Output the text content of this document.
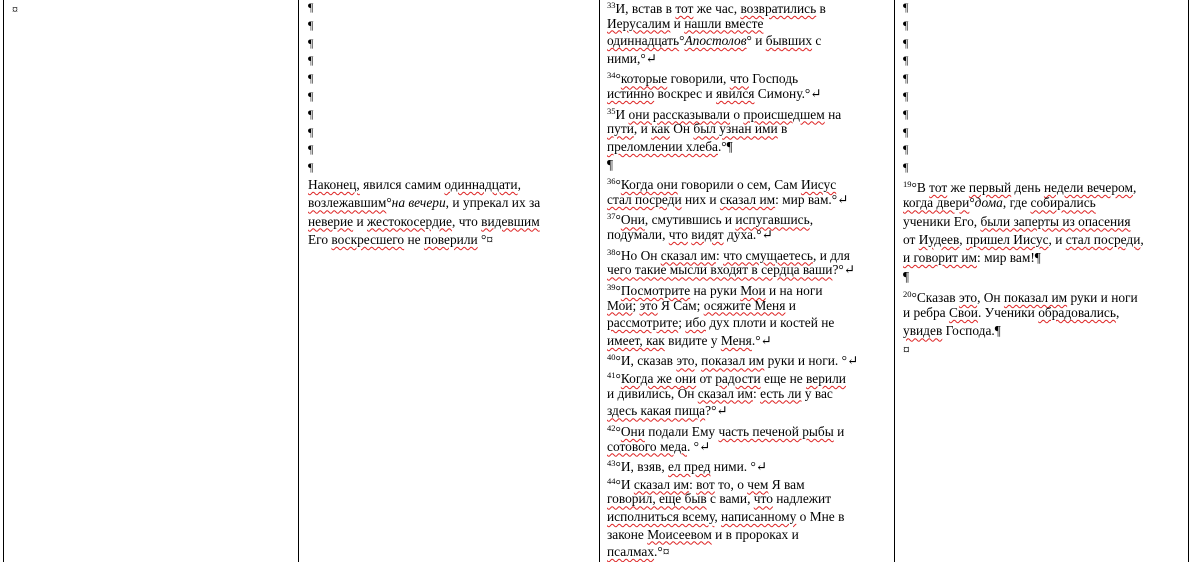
¤	¶
¶
¶
¶
¶
¶
¶
¶
¶
¶
Наконец, явился самим одиннадцати,
возлежавшим°на вечери, и упрекал их за
неверие и жестокосердие, что видевшим
Его воскресшего не поверили °¤
$^{33}$И, встав в тот же час, возвратились в
Иерусалим и нашли вместе
одиннадцать°Апостолов° и бывших с
ними,°↵
$^{34}$°которые говорили, что Господь
истинно воскрес и явился Симону.°↵
$^{35}$И они рассказывали о происшедшем на
пути, и как Он был узнан ими в
преломлении хлеба.°¶
¶
$^{36}$°Когда они говорили о сем, Сам Иисус
стал посреди них и сказал им: мир вам.°↵
$^{37}$°Они, смутившись и испугавшись,
подумали, что видят духа.°↵
$^{38}$°Но Он сказал им: что смущаетесь, и для
чего такие мысли входят в сердца ваши?°↵
$^{39}$°Посмотрите на руки Мои и на ноги
Мои; это Я Сам; осяжите Меня и
рассмотрите; ибо дух плоти и костей не
имеет, как видите у Меня.°↵
$^{40}$°И, сказав это, показал им руки и ноги. °↵
$^{41}$°Когда же они от радости еще не верили
и дивились, Он сказал им: есть ли у вас
здесь какая пища?°↵
$^{42}$°Они подали Ему часть печеной рыбы и
сотового меда. °↵
$^{43}$°И, взяв, ел пред ними. °↵
$^{44}$°И сказал им: вот то, о чем Я вам
говорил, еще быв с вами, что надлежит
исполниться всему, написанному о Мне в
законе Моисеевом и в пророках и
псалмах.°¤
¶
¶
¶
¶
¶
¶
¶
¶
¶
¶
$^{19}$°В тот же первый день недели вечером,
когда двери°дома, где собирались
ученики Его, были заперты из опасения
от Иудеев, пришел Иисус, и стал посреди,
и говорит им: мир вам!¶
¶
$^{20}$°Сказав это, Он показал им руки и ноги
и ребра Свои. Ученики обрадовались,
увидев Господа.¶
¤
